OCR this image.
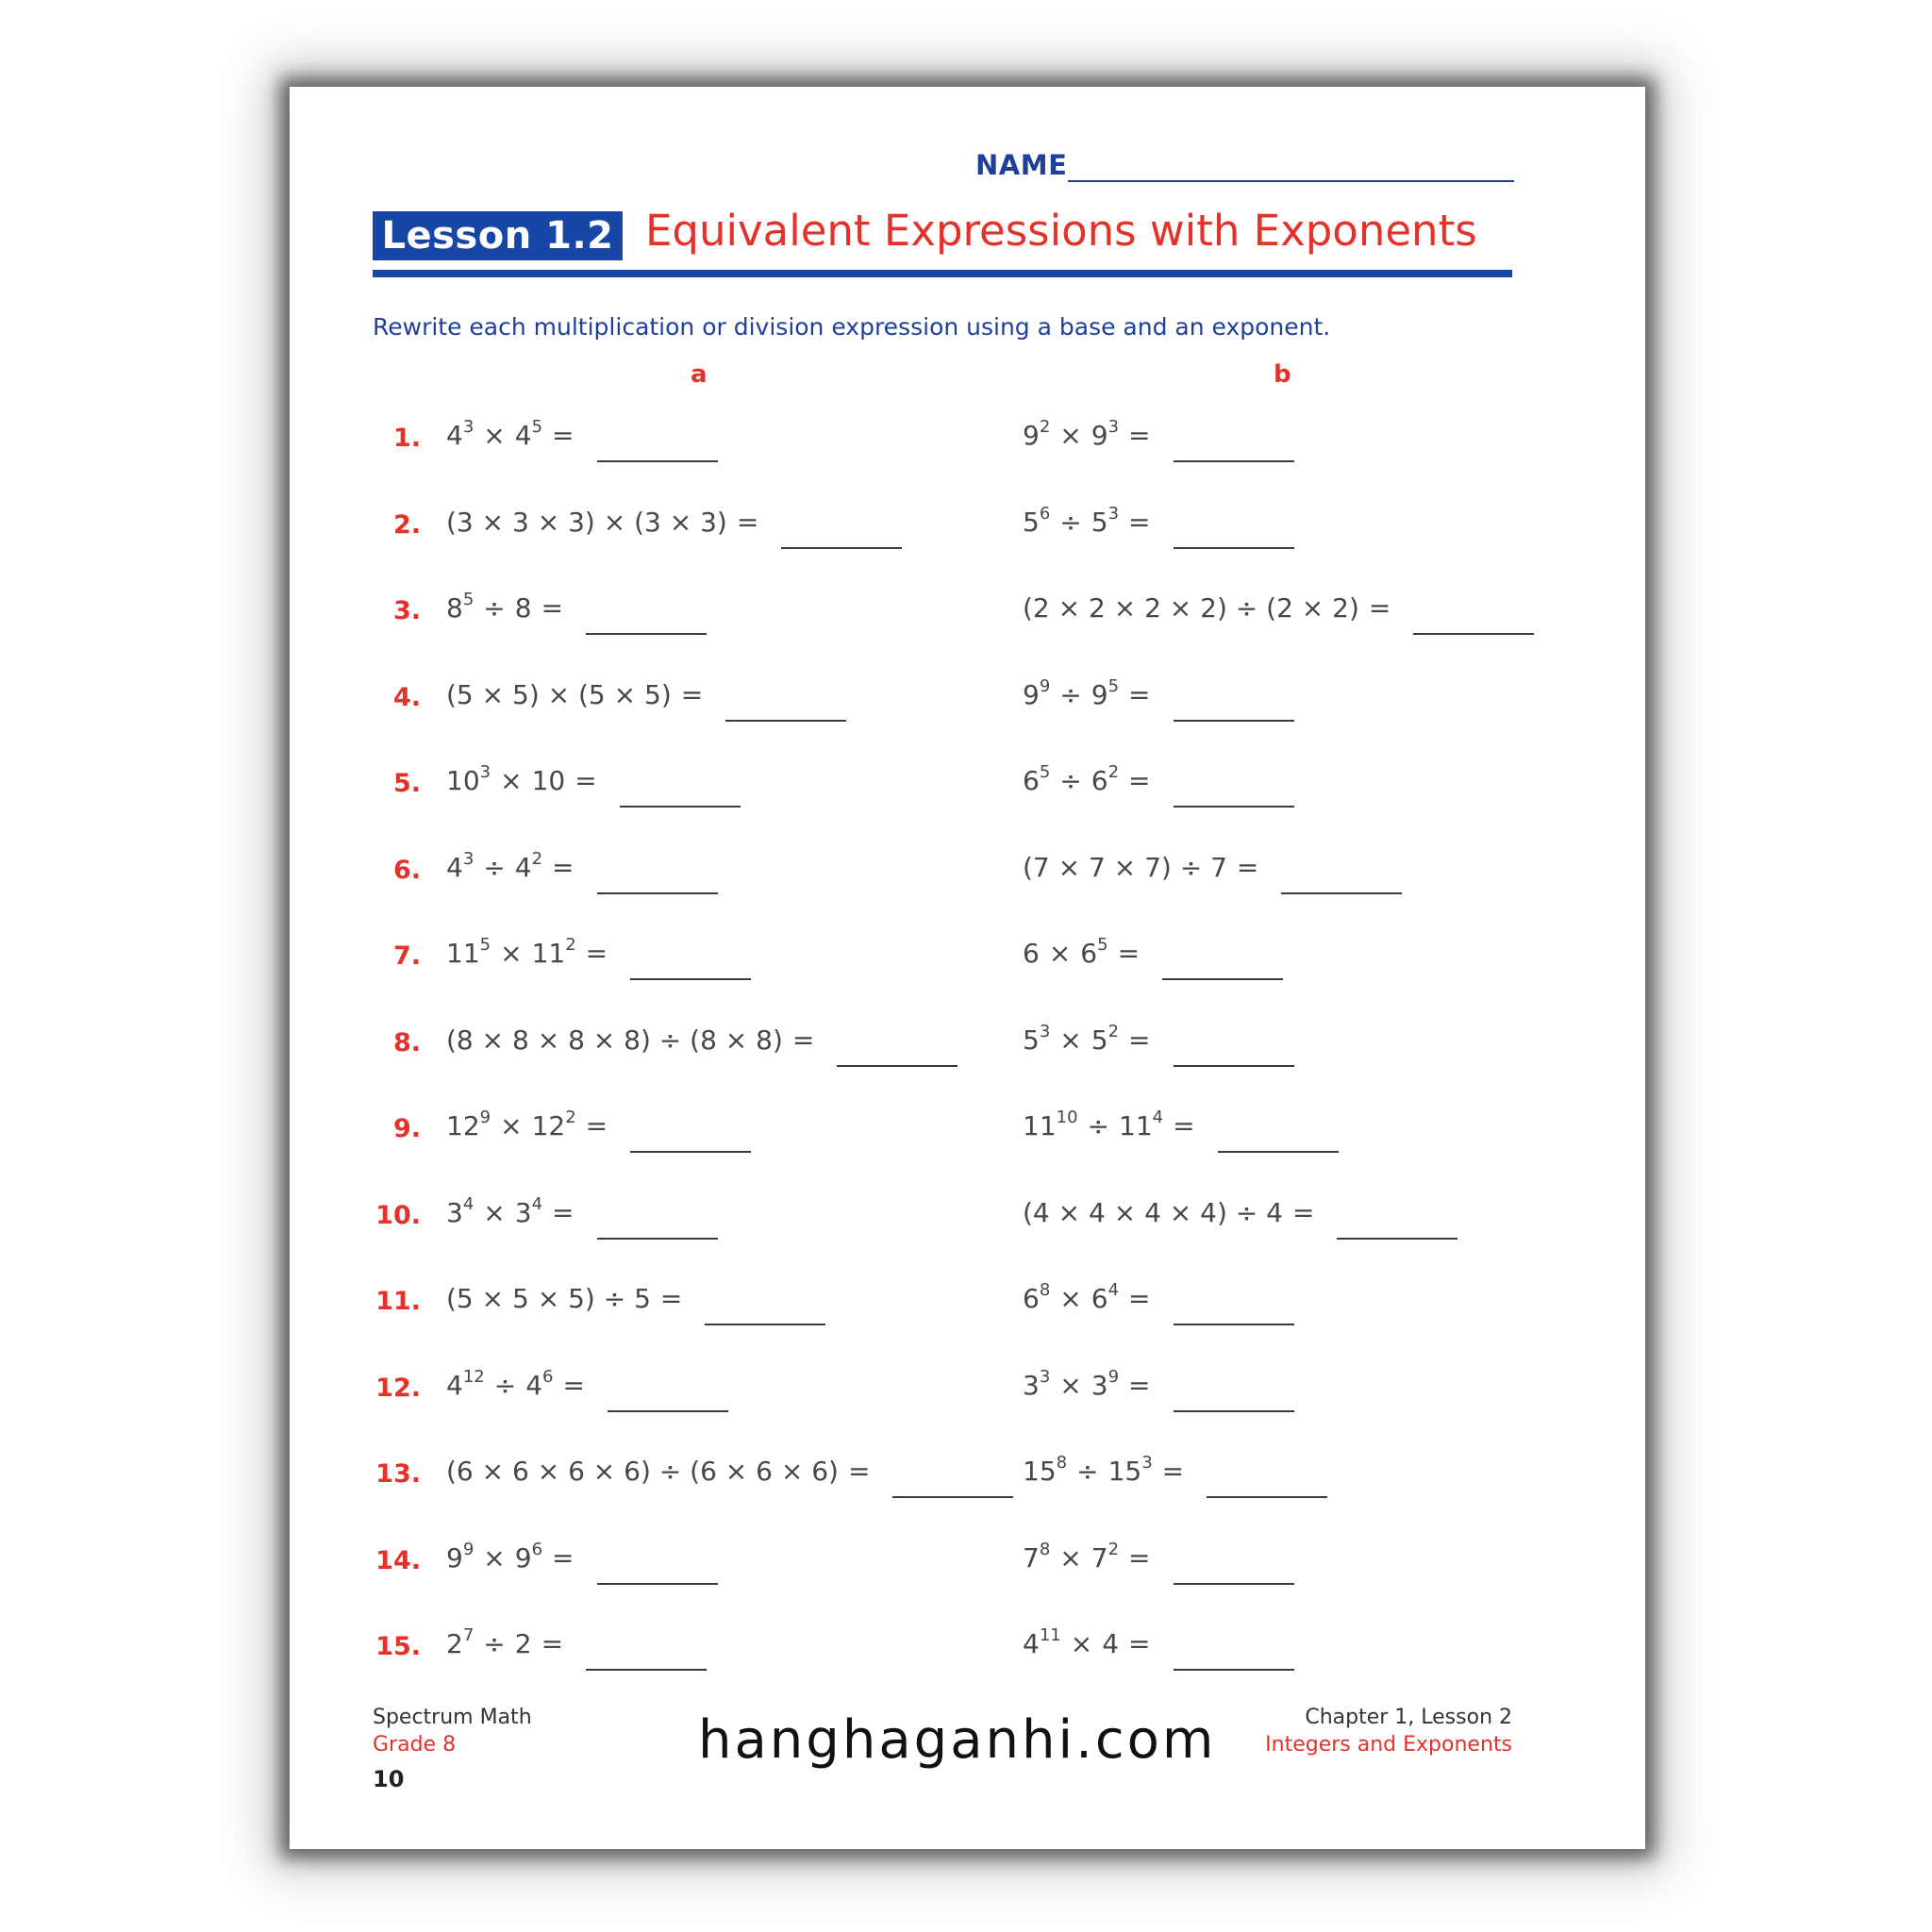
NAME
Lesson 1.2 Equivalent Expressions with Exponents
Rewrite each multiplication or division expression using a base and an exponent.
a	b
1. $4^3 \times 4^5$ =	$9^2 \times 9^3$ =
2. (3 × 3 × 3) × (3 × 3) =	$5^6 \div 5^3$ =
3. $8^5 \div 8$ =	(2 × 2 × 2 × 2) ÷ (2 × 2) =
4. (5 × 5) × (5 × 5) =	$9^9 \div 9^5$ =
5. $10^3 \times 10$ =	$6^5 \div 6^2$ =
6. $4^3 \div 4^2$ =	(7 × 7 × 7) ÷ 7 =
7. $11^5 \times 11^2$ =	$6 \times 6^5$ =
8. (8 × 8 × 8 × 8) ÷ (8 × 8) =	$5^3 \times 5^2$ =
9. $12^9 \times 12^2$ =	$11^{10} \div 11^4$ =
10. $3^4 \times 3^4$ =	(4 × 4 × 4 × 4) ÷ 4 =
11. (5 × 5 × 5) ÷ 5 =	$6^8 \times 6^4$ =
12. $4^{12} \div 4^6$ =	$3^3 \times 3^9$ =
13. (6 × 6 × 6 × 6) ÷ (6 × 6 × 6) =	$15^8 \div 15^3$ =
14. $9^9 \times 9^6$ =	$7^8 \times 7^2$ =
15. $2^7 \div 2$ =	$4^{11} \times 4$ =
Spectrum Math
Grade 8
10
hanghaganhi.com	Chapter 1, Lesson 2
Integers and Exponents
